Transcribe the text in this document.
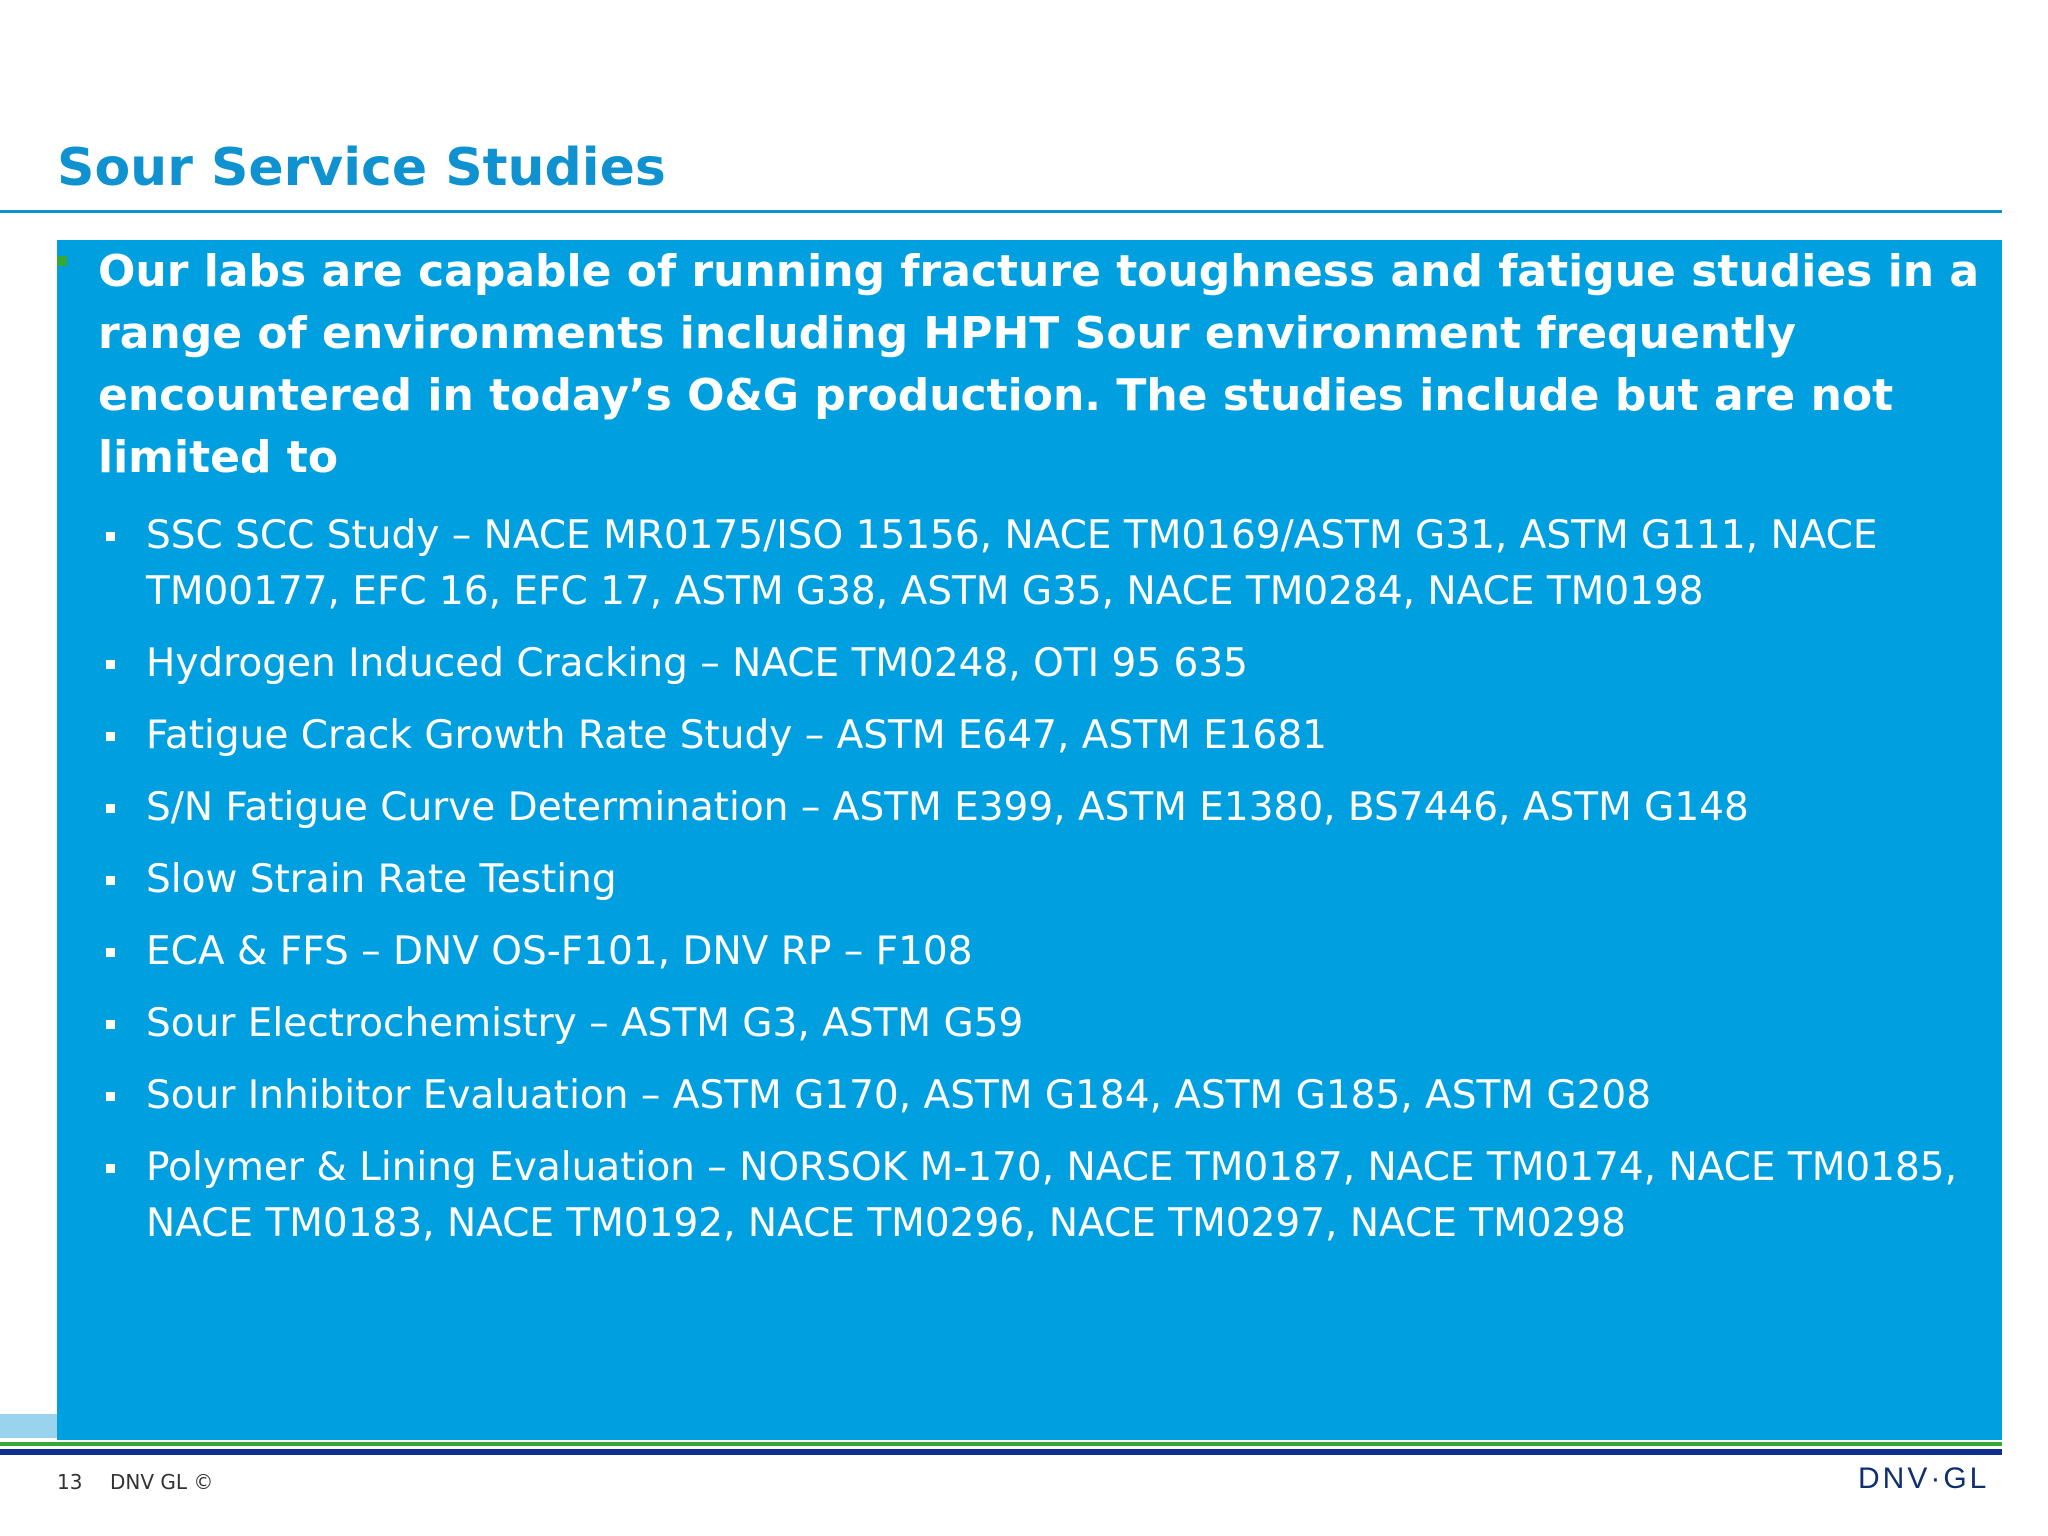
Sour Service Studies

Our labs are capable of running fracture toughness and fatigue studies in a range of environments including HPHT Sour environment frequently encountered in today’s O&G production. The studies include but are not limited to

SSC SCC Study – NACE MR0175/ISO 15156, NACE TM0169/ASTM G31, ASTM G111, NACE TM00177, EFC 16, EFC 17, ASTM G38, ASTM G35, NACE TM0284, NACE TM0198
Hydrogen Induced Cracking – NACE TM0248, OTI 95 635
Fatigue Crack Growth Rate Study – ASTM E647, ASTM E1681
S/N Fatigue Curve Determination – ASTM E399, ASTM E1380, BS7446, ASTM G148
Slow Strain Rate Testing
ECA & FFS – DNV OS-F101, DNV RP – F108
Sour Electrochemistry – ASTM G3, ASTM G59
Sour Inhibitor Evaluation – ASTM G170, ASTM G184, ASTM G185, ASTM G208
Polymer & Lining Evaluation – NORSOK M-170, NACE TM0187, NACE TM0174, NACE TM0185, NACE TM0183, NACE TM0192, NACE TM0296, NACE TM0297, NACE TM0298
13 DNV GL ©	DNV·GL
